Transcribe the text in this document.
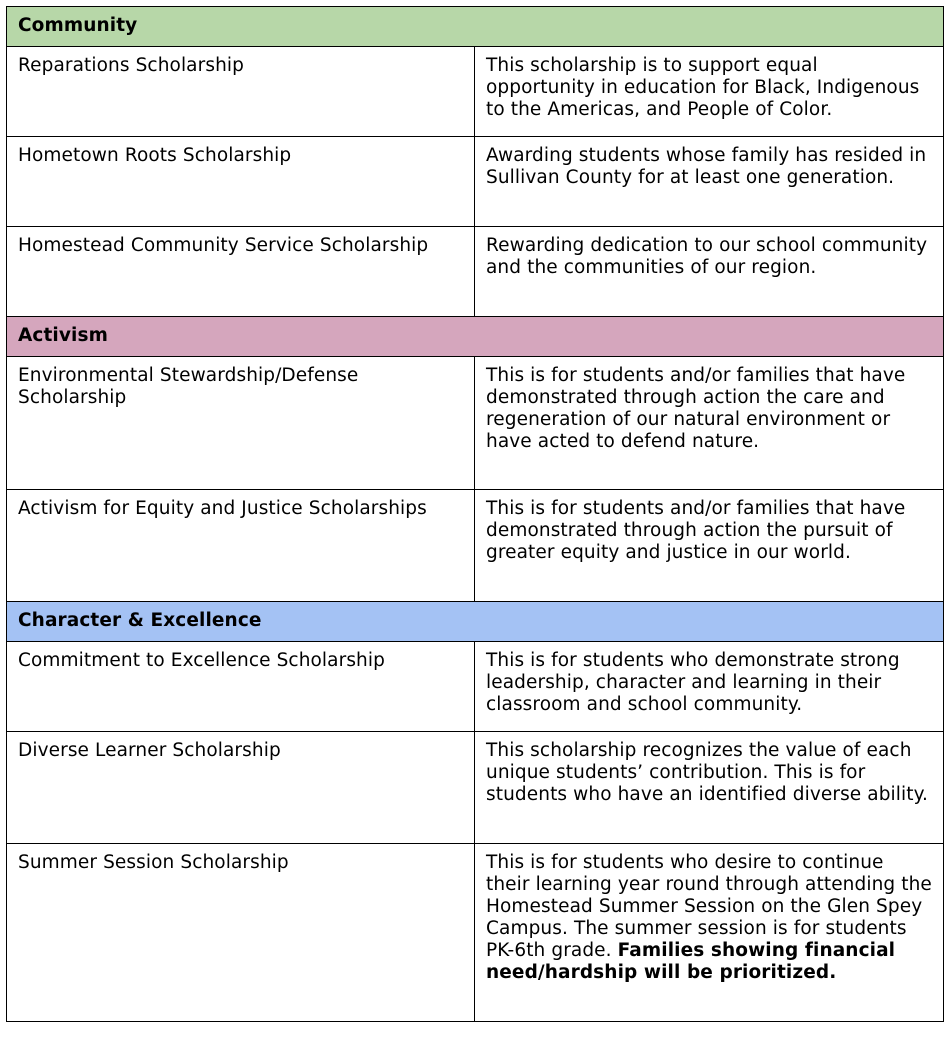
Community	
Reparations Scholarship	This scholarship is to support equal opportunity in education for Black, Indigenous to the Americas, and People of Color.
Hometown Roots Scholarship	Awarding students whose family has resided in Sullivan County for at least one generation.
Homestead Community Service Scholarship	Rewarding dedication to our school community and the communities of our region.
Activism	
Environmental Stewardship/Defense Scholarship	This is for students and/or families that have demonstrated through action the care and regeneration of our natural environment or have acted to defend nature.
Activism for Equity and Justice Scholarships	This is for students and/or families that have demonstrated through action the pursuit of greater equity and justice in our world.
Character & Excellence	
Commitment to Excellence Scholarship	This is for students who demonstrate strong leadership, character and learning in their classroom and school community.
Diverse Learner Scholarship	This scholarship recognizes the value of each unique students’ contribution. This is for students who have an identified diverse ability.
Summer Session Scholarship	This is for students who desire to continue their learning year round through attending the Homestead Summer Session on the Glen Spey Campus. The summer session is for students PK-6th grade. Families showing financial need/hardship will be prioritized.
